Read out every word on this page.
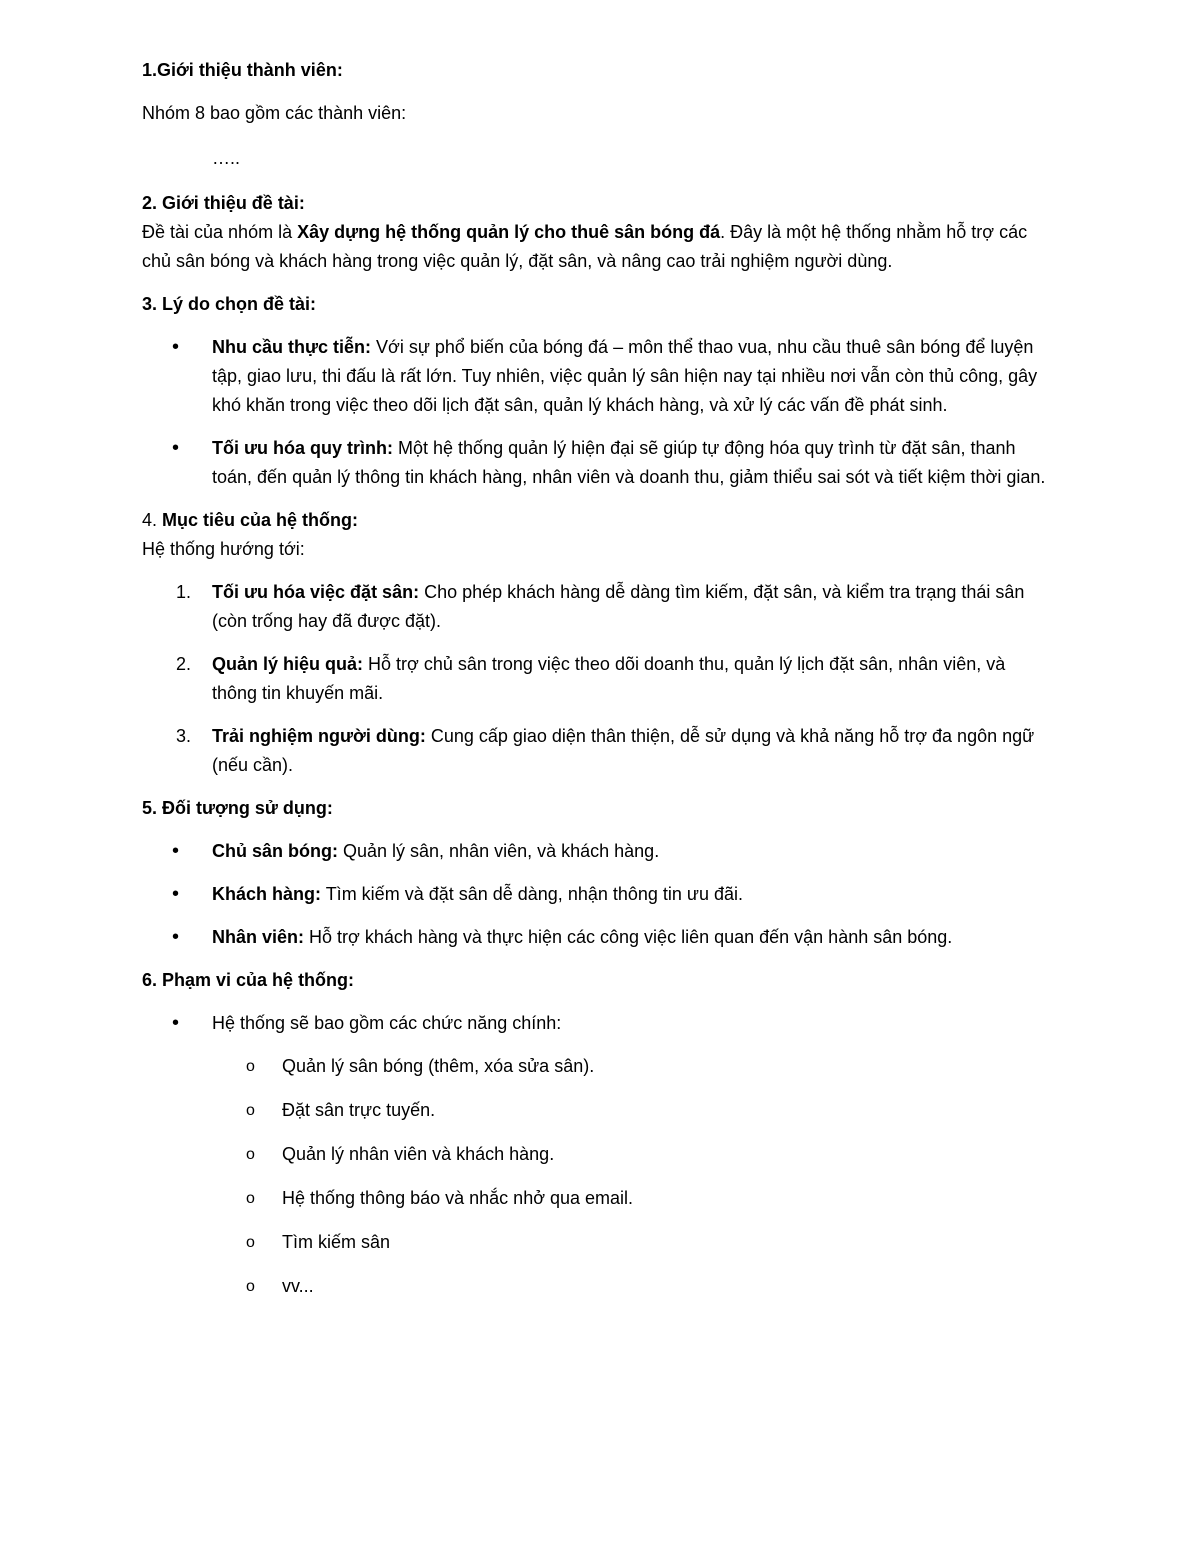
1.Giới thiệu thành viên:

Nhóm 8 bao gồm các thành viên:

…..

2. Giới thiệu đề tài:

Đề tài của nhóm là Xây dựng hệ thống quản lý cho thuê sân bóng đá. Đây là một hệ thống nhằm hỗ trợ các chủ sân bóng và khách hàng trong việc quản lý, đặt sân, và nâng cao trải nghiệm người dùng.

3. Lý do chọn đề tài:
• Nhu cầu thực tiễn: Với sự phổ biến của bóng đá – môn thể thao vua, nhu cầu thuê sân bóng để luyện tập, giao lưu, thi đấu là rất lớn. Tuy nhiên, việc quản lý sân hiện nay tại nhiều nơi vẫn còn thủ công, gây khó khăn trong việc theo dõi lịch đặt sân, quản lý khách hàng, và xử lý các vấn đề phát sinh.
• Tối ưu hóa quy trình: Một hệ thống quản lý hiện đại sẽ giúp tự động hóa quy trình từ đặt sân, thanh toán, đến quản lý thông tin khách hàng, nhân viên và doanh thu, giảm thiểu sai sót và tiết kiệm thời gian.
4. Mục tiêu của hệ thống:

Hệ thống hướng tới:

1. Tối ưu hóa việc đặt sân: Cho phép khách hàng dễ dàng tìm kiếm, đặt sân, và kiểm tra trạng thái sân (còn trống hay đã được đặt).
2. Quản lý hiệu quả: Hỗ trợ chủ sân trong việc theo dõi doanh thu, quản lý lịch đặt sân, nhân viên, và thông tin khuyến mãi.
3. Trải nghiệm người dùng: Cung cấp giao diện thân thiện, dễ sử dụng và khả năng hỗ trợ đa ngôn ngữ (nếu cần).
5. Đối tượng sử dụng:
• Chủ sân bóng: Quản lý sân, nhân viên, và khách hàng.
• Khách hàng: Tìm kiếm và đặt sân dễ dàng, nhận thông tin ưu đãi.
• Nhân viên: Hỗ trợ khách hàng và thực hiện các công việc liên quan đến vận hành sân bóng.
6. Phạm vi của hệ thống:
• Hệ thống sẽ bao gồm các chức năng chính:
o Quản lý sân bóng (thêm, xóa sửa sân).
o Đặt sân trực tuyến.
o Quản lý nhân viên và khách hàng.
o Hệ thống thông báo và nhắc nhở qua email.
o Tìm kiếm sân
o vv...
